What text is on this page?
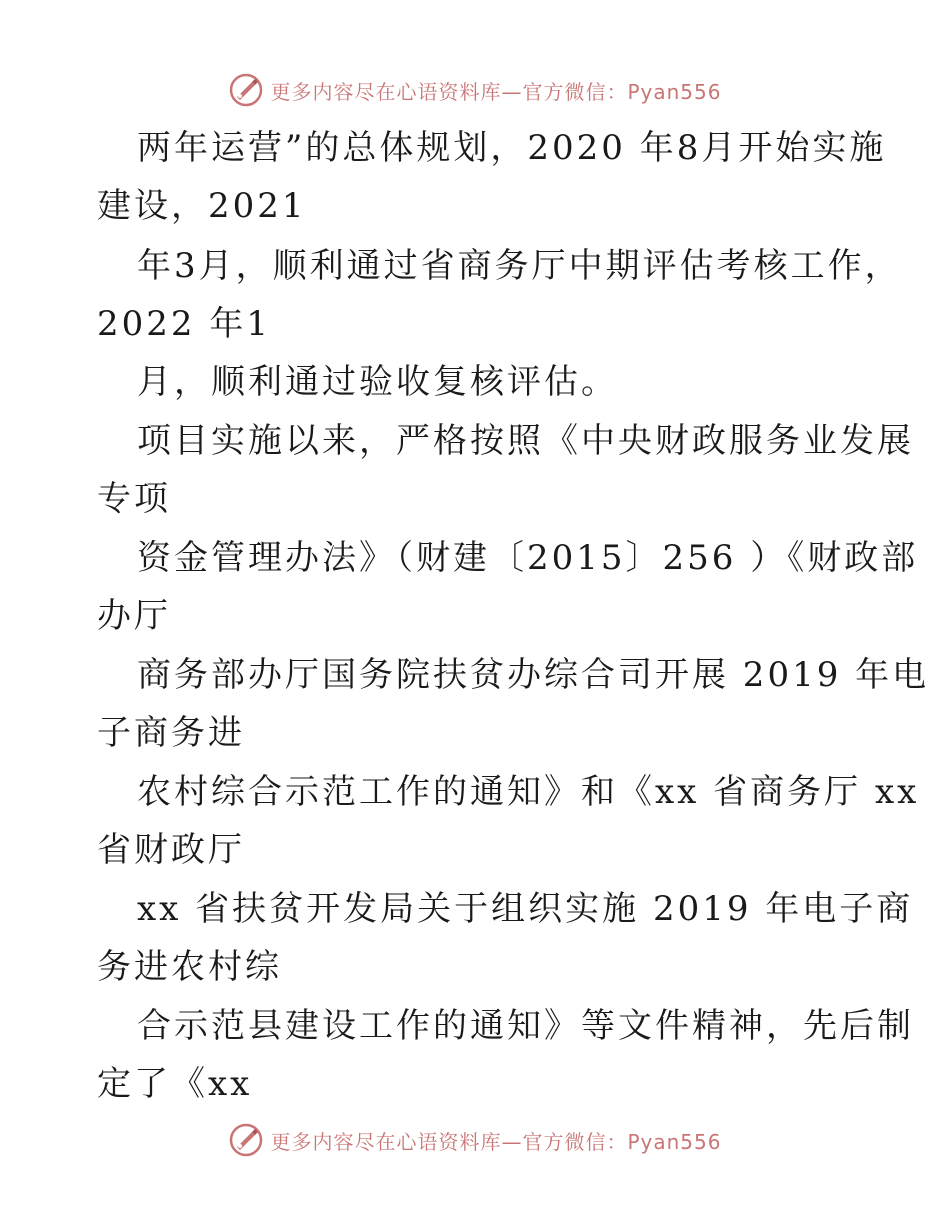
更多内容尽在心语资料库—官方微信：Pyan556
两年运营”的总体规划，2020 年8月开始实施
建设，2021
年3月，顺利通过省商务厅中期评估考核工作，
2022 年1
月，顺利通过验收复核评估。
项目实施以来，严格按照《中央财政服务业发展
专项
资金管理办法》（财建〔2015〕256 ）《财政部
办厅
商务部办厅国务院扶贫办综合司开展 2019 年电
子商务进
农村综合示范工作的通知》和《xx 省商务厅 xx
省财政厅
xx 省扶贫开发局关于组织实施 2019 年电子商
务进农村综
合示范县建设工作的通知》等文件精神，先后制
定了《xx
更多内容尽在心语资料库—官方微信：Pyan556
